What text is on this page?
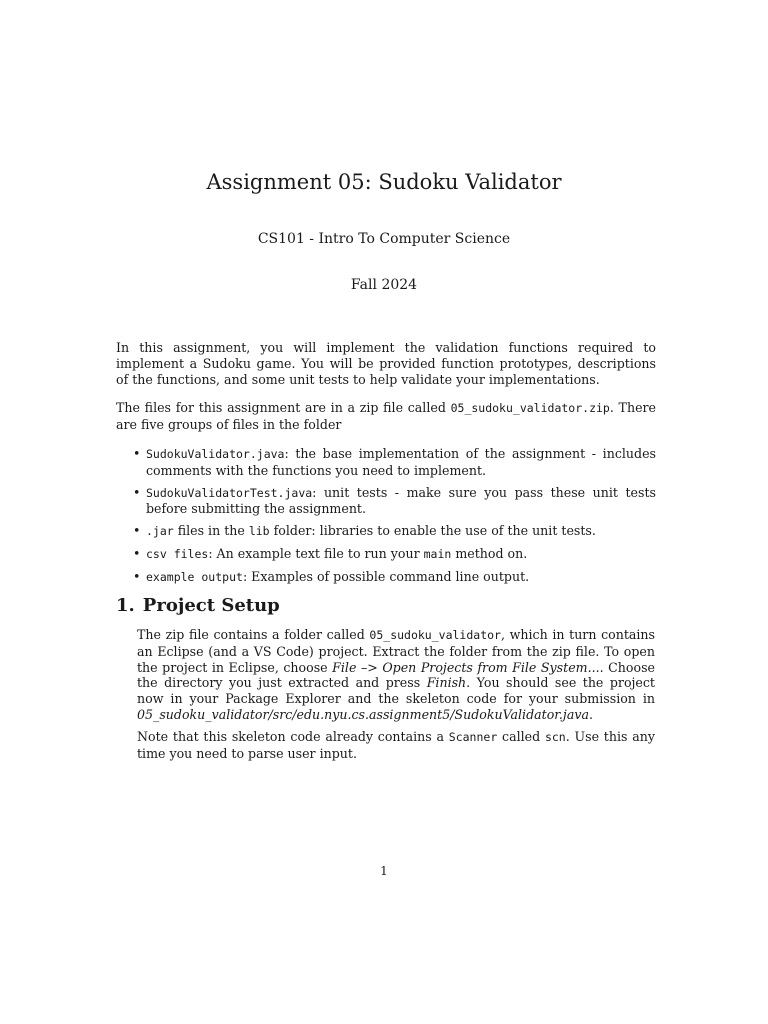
Assignment 05: Sudoku Validator
CS101 - Intro To Computer Science
Fall 2024

In this assignment, you will implement the validation functions required to implement a Sudoku game. You will be provided function prototypes, descriptions of the functions, and some unit tests to help validate your implementations.

The files for this assignment are in a zip file called 05_sudoku_validator.zip. There are five groups of files in the folder

• SudokuValidator.java: the base implementation of the assignment - includes comments with the functions you need to implement.
• SudokuValidatorTest.java: unit tests - make sure you pass these unit tests before submitting the assignment.
• .jar files in the lib folder: libraries to enable the use of the unit tests.
• csv files: An example text file to run your main method on.
• example output: Examples of possible command line output.
1. Project Setup

The zip file contains a folder called 05_sudoku_validator, which in turn contains an Eclipse (and a VS Code) project. Extract the folder from the zip file. To open the project in Eclipse, choose File –> Open Projects from File System.... Choose the directory you just extracted and press Finish. You should see the project now in your Package Explorer and the skeleton code for your submission in 05_sudoku_validator/src/edu.nyu.cs.assignment5/SudokuValidator.java.

Note that this skeleton code already contains a Scanner called scn. Use this any time you need to parse user input.

1
